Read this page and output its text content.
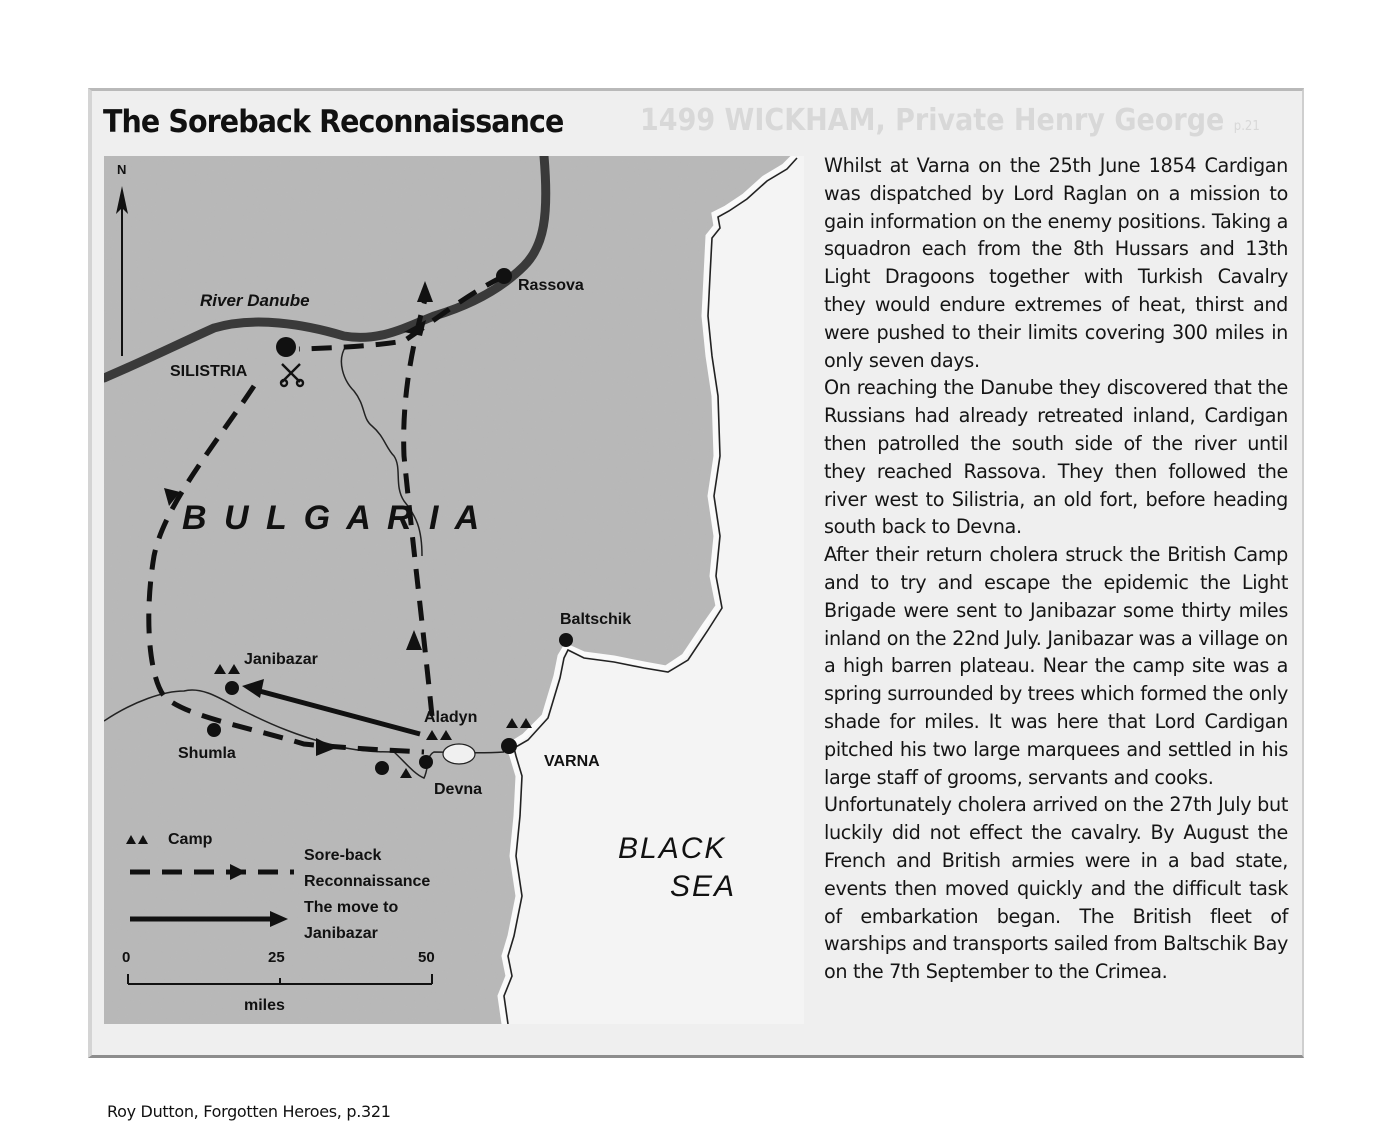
1499 WICKHAM, Private Henry George p.21
The Soreback Reconnaissance
N
River Danube
Rassova
SILISTRIA
B U L G A R I A
Baltschik
Janibazar
Aladyn
VARNA
Shumla
Devna
BLACK
SEA
Camp
Sore-back
Reconnaissance
The move to
Janibazar
0	25	50
miles

Whilst at Varna on the 25th June 1854 Cardigan was dispatched by Lord Raglan on a mission to gain information on the enemy positions. Taking a squadron each from the 8th Hussars and 13th Light Dragoons together with Turkish Cavalry they would endure extremes of heat, thirst and were pushed to their limits covering 300 miles in only seven days.

On reaching the Danube they discovered that the Russians had already retreated inland, Cardigan then patrolled the south side of the river until they reached Rassova. They then followed the river west to Silistria, an old fort, before heading south back to Devna.

After their return cholera struck the British Camp and to try and escape the epidemic the Light Brigade were sent to Janibazar some thirty miles inland on the 22nd July. Janibazar was a village on a high barren plateau. Near the camp site was a spring surrounded by trees which formed the only shade for miles. It was here that Lord Cardigan pitched his two large marquees and settled in his large staff of grooms, servants and cooks.

Unfortunately cholera arrived on the 27th July but luckily did not effect the cavalry. By August the French and British armies were in a bad state, events then moved quickly and the difficult task of embarkation began. The British fleet of warships and transports sailed from Baltschik Bay on the 7th September to the Crimea.

Roy Dutton, Forgotten Heroes, p.321
